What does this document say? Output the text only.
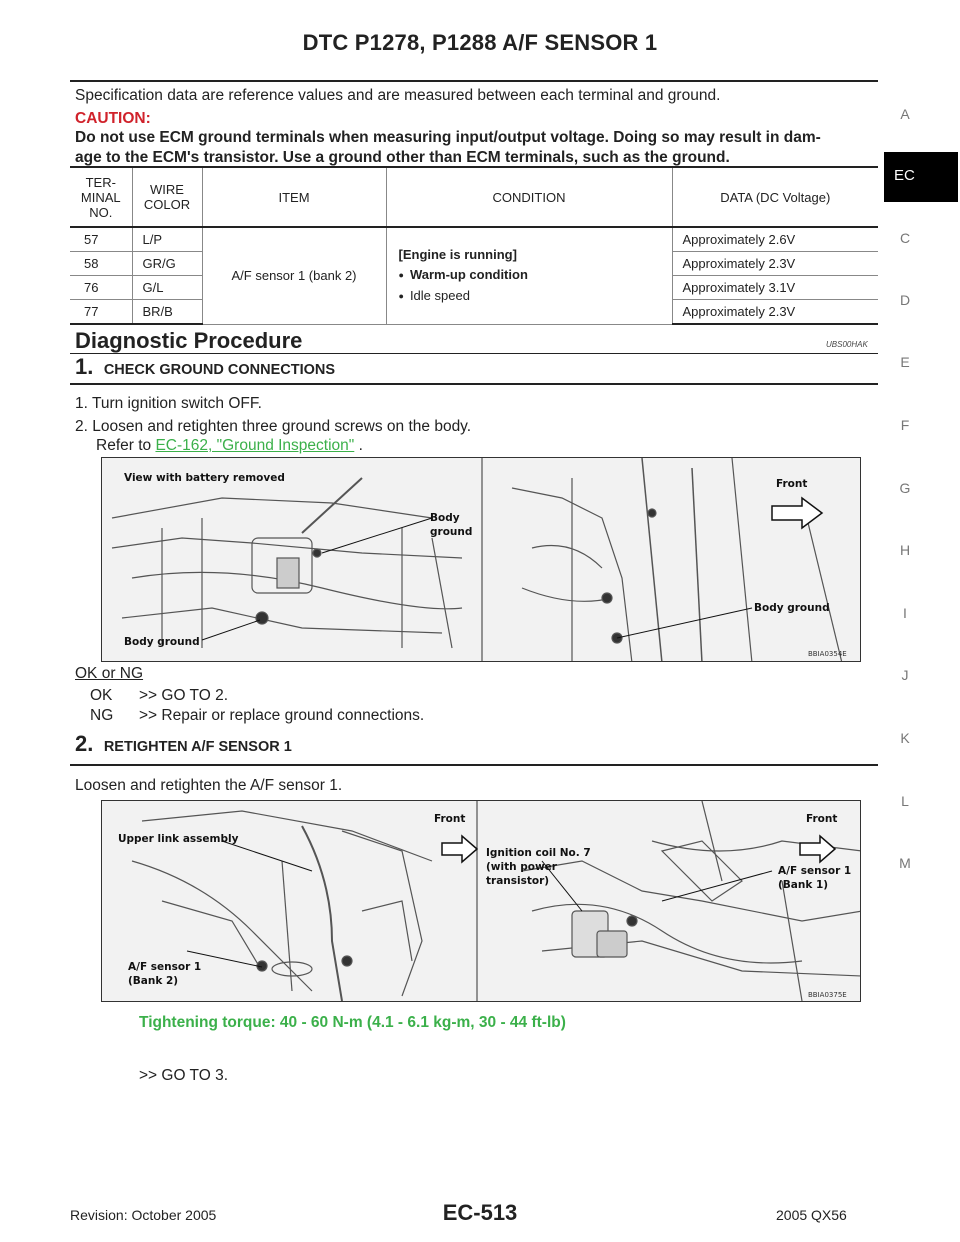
DTC P1278, P1288 A/F SENSOR 1
Specification data are reference values and are measured between each terminal and ground.
CAUTION:
Do not use ECM ground terminals when measuring input/output voltage. Doing so may result in dam-
age to the ECM's transistor. Use a ground other than ECM terminals, such as the ground.
TER-
MINAL
NO.	WIRE
COLOR	ITEM	CONDITION	DATA (DC Voltage)
57	L/P	A/F sensor 1 (bank 2)	[Engine is running]
● Warm-up condition
● Idle speed	Approximately 2.6V
58	GR/G			Approximately 2.3V
76	G/L			Approximately 3.1V
77	BR/B			Approximately 2.3V
Diagnostic Procedure	UBS00HAK
1. CHECK GROUND CONNECTIONS
1. Turn ignition switch OFF.
2. Loosen and retighten three ground screws on the body.
Refer to EC-162, "Ground Inspection" .
View with battery removed
Body
ground
Body ground
Front
Body ground
BBIA0354E
OK or NG
OK >> GO TO 2.
NG >> Repair or replace ground connections.
2. RETIGHTEN A/F SENSOR 1
Loosen and retighten the A/F sensor 1.
Upper link assembly
Front
A/F sensor 1
(Bank 2)
Ignition coil No. 7
(with power
transistor)
Front
A/F sensor 1
(Bank 1)
BBIA0375E
Tightening torque: 40 - 60 N-m (4.1 - 6.1 kg-m, 30 - 44 ft-lb)
>> GO TO 3.
A
EC
C
D
E
F
G
H
I
J
K
L
M
Revision: October 2005	EC-513	2005 QX56
